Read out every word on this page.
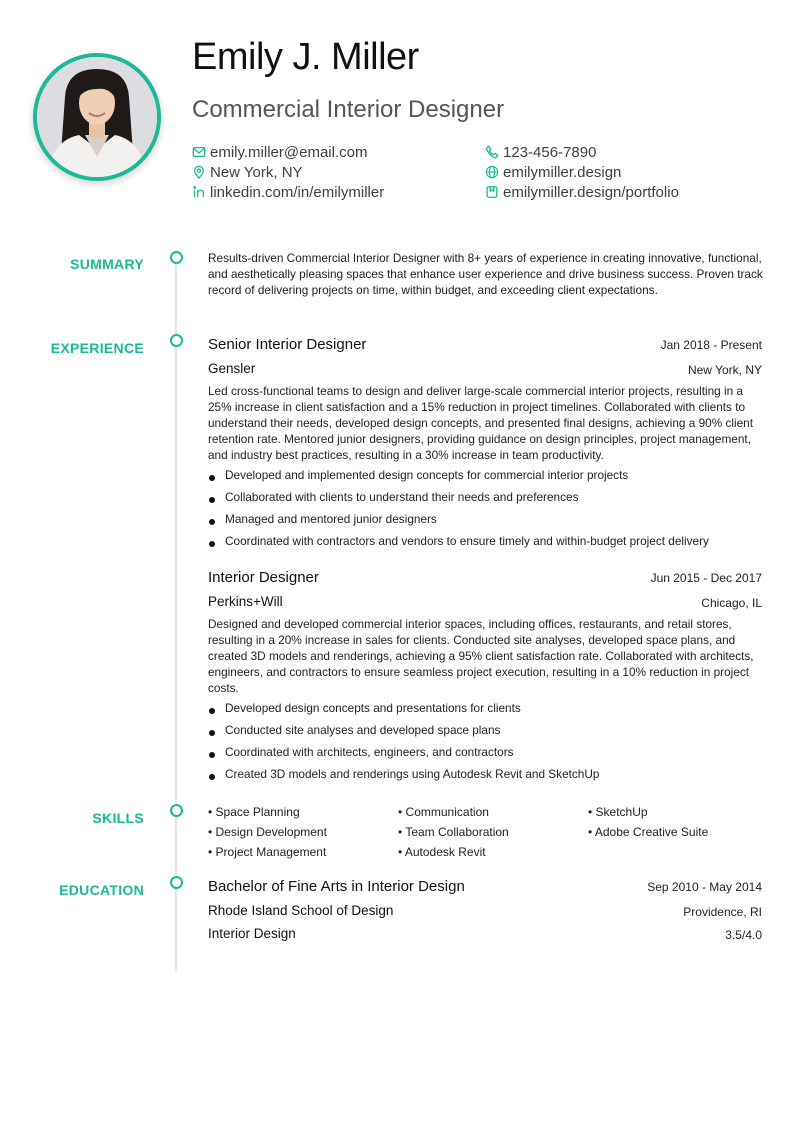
Emily J. Miller
Commercial Interior Designer
emily.miller@email.com
New York, NY
linkedin.com/in/emilymiller
123-456-7890
emilymiller.design
emilymiller.design/portfolio
SUMMARY	Results-driven Commercial Interior Designer with 8+ years of experience in creating innovative, functional, and aesthetically pleasing spaces that enhance user experience and drive business success. Proven track record of delivering projects on time, within budget, and exceeding client expectations.
EXPERIENCE	Senior Interior Designer	Jan 2018 - Present
Gensler	New York, NY
Led cross-functional teams to design and deliver large-scale commercial interior projects, resulting in a 25% increase in client satisfaction and a 15% reduction in project timelines. Collaborated with clients to understand their needs, developed design concepts, and presented final designs, achieving a 90% client retention rate. Mentored junior designers, providing guidance on design principles, project management, and industry best practices, resulting in a 30% increase in team productivity.
Developed and implemented design concepts for commercial interior projects
Collaborated with clients to understand their needs and preferences
Managed and mentored junior designers
Coordinated with contractors and vendors to ensure timely and within-budget project delivery
Interior Designer	Jun 2015 - Dec 2017
Perkins+Will	Chicago, IL
Designed and developed commercial interior spaces, including offices, restaurants, and retail stores, resulting in a 20% increase in sales for clients. Conducted site analyses, developed space plans, and created 3D models and renderings, achieving a 95% client satisfaction rate. Collaborated with architects, engineers, and contractors to ensure seamless project execution, resulting in a 10% reduction in project costs.
Developed design concepts and presentations for clients
Conducted site analyses and developed space plans
Coordinated with architects, engineers, and contractors
Created 3D models and renderings using Autodesk Revit and SketchUp
SKILLS	• Space Planning	• Communication	• SketchUp
• Design Development	• Team Collaboration	• Adobe Creative Suite
• Project Management	• Autodesk Revit
EDUCATION	Bachelor of Fine Arts in Interior Design	Sep 2010 - May 2014
Rhode Island School of Design	Providence, RI
Interior Design	3.5/4.0
